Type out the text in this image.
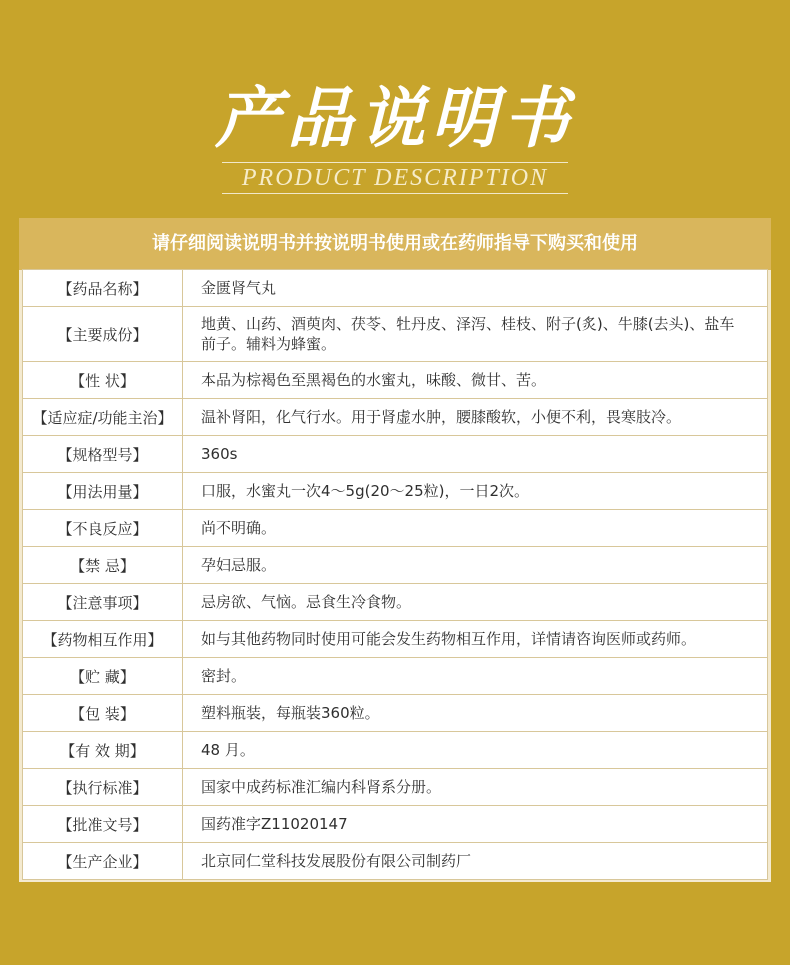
产品说明书
PRODUCT DESCRIPTION
请仔细阅读说明书并按说明书使用或在药师指导下购买和使用
【药品名称】	金匮肾气丸
【主要成份】	地黄、山药、酒萸肉、茯苓、牡丹皮、泽泻、桂枝、附子(炙)、牛膝(去头)、盐车前子。辅料为蜂蜜。
【性 状】	本品为棕褐色至黑褐色的水蜜丸，味酸、微甘、苦。
【适应症/功能主治】	温补肾阳，化气行水。用于肾虚水肿，腰膝酸软，小便不利，畏寒肢冷。
【规格型号】	360s
【用法用量】	口服，水蜜丸一次4～5g(20～25粒)，一日2次。
【不良反应】	尚不明确。
【禁 忌】	孕妇忌服。
【注意事项】	忌房欲、气恼。忌食生冷食物。
【药物相互作用】	如与其他药物同时使用可能会发生药物相互作用，详情请咨询医师或药师。
【贮 藏】	密封。
【包 装】	塑料瓶装，每瓶装360粒。
【有 效 期】	48 月。
【执行标准】	国家中成药标准汇编内科肾系分册。
【批准文号】	国药准字Z11020147
【生产企业】	北京同仁堂科技发展股份有限公司制药厂
